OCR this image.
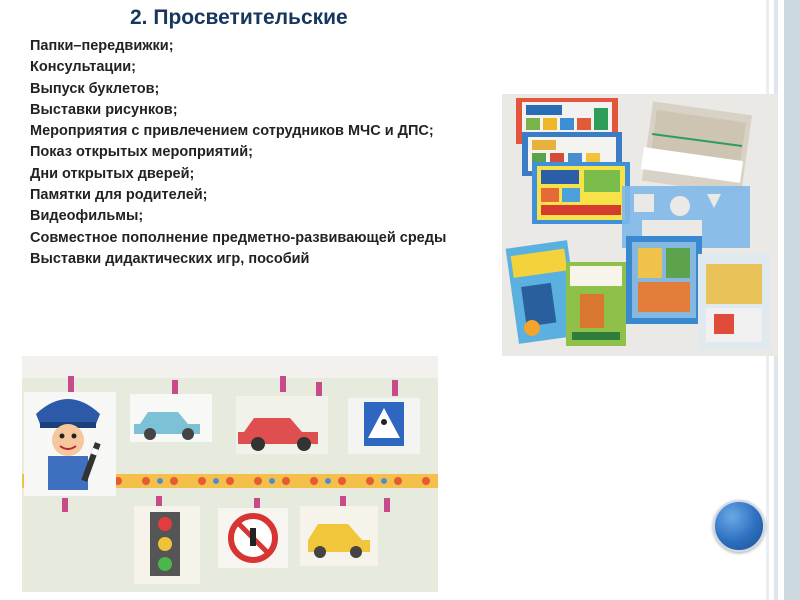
2. Просветительские
Папки–передвижки;
Консультации;
Выпуск буклетов;
Выставки рисунков;
Мероприятия с привлечением сотрудников МЧС и ДПС;
Показ открытых мероприятий;
Дни открытых дверей;
Памятки для родителей;
Видеофильмы;
Совместное пополнение предметно-развивающей среды
Выставки дидактических игр, пособий
